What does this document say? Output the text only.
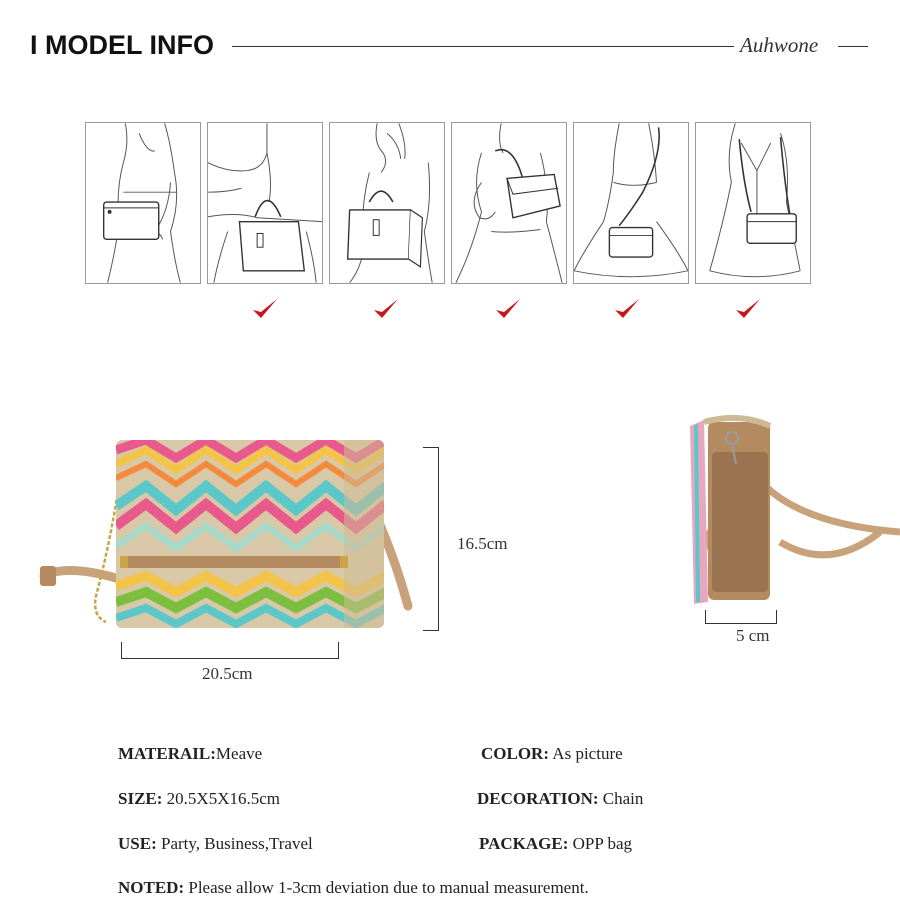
I MODEL INFO	Auhwone
16.5cm
20.5cm
5 cm
MATERAIL:Meave	COLOR: As picture
SIZE: 20.5X5X16.5cm	DECORATION: Chain
USE: Party, Business,Travel	PACKAGE: OPP bag
NOTED: Please allow 1-3cm deviation due to manual measurement.
